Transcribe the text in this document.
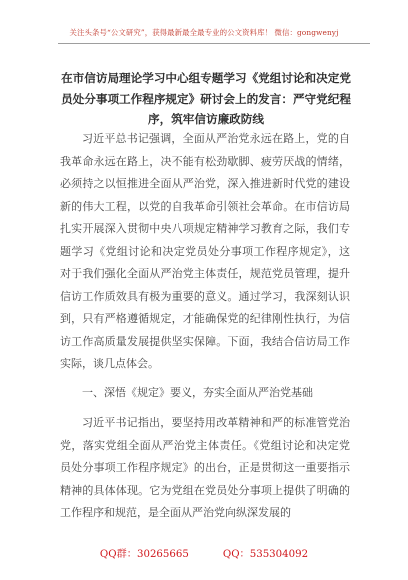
关注头条号“公文研究”，获得最新最全最专业的公文资料库！ 微信：gongwenyj
在市信访局理论学习中心组专题学习《党组讨论和决定党员处分事项工作程序规定》研讨会上的发言：严守党纪程序，筑牢信访廉政防线

习近平总书记强调，全面从严治党永远在路上，党的自我革命永远在路上，决不能有松劲歇脚、疲劳厌战的情绪，必须持之以恒推进全面从严治党，深入推进新时代党的建设新的伟大工程，以党的自我革命引领社会革命。在市信访局扎实开展深入贯彻中央八项规定精神学习教育之际，我们专题学习《党组讨论和决定党员处分事项工作程序规定》，这对于我们强化全面从严治党主体责任，规范党员管理，提升信访工作质效具有极为重要的意义。通过学习，我深刻认识到，只有严格遵循规定，才能确保党的纪律刚性执行，为信访工作高质量发展提供坚实保障。下面，我结合信访局工作实际，谈几点体会。

一、深悟《规定》要义，夯实全面从严治党基础

习近平书记指出，要坚持用改革精神和严的标准管党治党，落实党组全面从严治党主体责任。《党组讨论和决定党员处分事项工作程序规定》的出台，正是贯彻这一重要指示精神的具体体现。它为党组在党员处分事项上提供了明确的工作程序和规范，是全面从严治党向纵深发展的

QQ群：30265665	QQ：535304092
